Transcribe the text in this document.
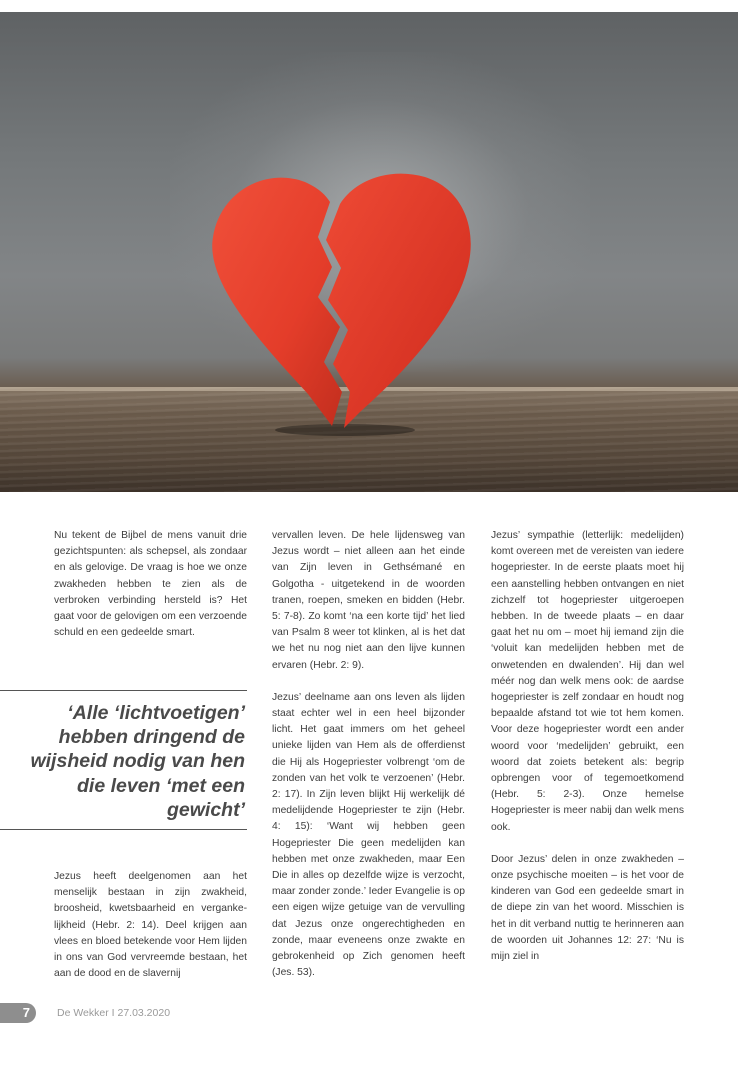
Nu tekent de Bijbel de mens vanuit drie gezichtspunten: als schepsel, als zondaar en als gelovige. De vraag is hoe we onze zwakheden hebben te zien als de verbroken verbinding hersteld is? Het gaat voor de gelovigen om een verzoende schuld en een gedeelde smart.

‘Alle ‘lichtvoetigen’ hebben dringend de wijsheid nodig van hen die leven ‘met een gewicht’

Jezus heeft deelgenomen aan het menselijk bestaan in zijn zwakheid, broosheid, kwetsbaarheid en vergankelijkheid (Hebr. 2: 14). Deel krijgen aan vlees en bloed betekende voor Hem lijden in ons van God vervreemde bestaan, het aan de dood en de slavernij

vervallen leven. De hele lijdensweg van Jezus wordt – niet alleen aan het einde van Zijn leven in Gethsémané en Golgotha - uitgetekend in de woorden tranen, roepen, smeken en bidden (Hebr. 5: 7-8). Zo komt ‘na een korte tijd’ het lied van Psalm 8 weer tot klinken, al is het dat we het nu nog niet aan den lijve kunnen ervaren (Hebr. 2: 9).

Jezus’ deelname aan ons leven als lijden staat echter wel in een heel bijzonder licht. Het gaat immers om het geheel unieke lijden van Hem als de offerdienst die Hij als Hogepriester volbrengt ‘om de zonden van het volk te verzoenen’ (Hebr. 2: 17). In Zijn leven blijkt Hij werkelijk dé medelijdende Hogepriester te zijn (Hebr. 4: 15): ‘Want wij hebben geen Hogepriester Die geen medelijden kan hebben met onze zwakheden, maar Een Die in alles op dezelfde wijze is verzocht, maar zonder zonde.’ Ieder Evangelie is op een eigen wijze getuige van de vervulling dat Jezus onze ongerechtigheden en zonde, maar eveneens onze zwakte en gebrokenheid op Zich genomen heeft (Jes. 53).

Jezus’ sympathie (letterlijk: medelijden) komt overeen met de vereisten van iedere hogepriester. In de eerste plaats moet hij een aanstelling hebben ontvangen en niet zichzelf tot hogepriester uitgeroepen hebben. In de tweede plaats – en daar gaat het nu om – moet hij iemand zijn die ‘voluit kan medelijden hebben met de onwetenden en dwalenden’. Hij dan wel méér nog dan welk mens ook: de aardse hogepriester is zelf zondaar en houdt nog bepaalde afstand tot wie tot hem komen. Voor deze hogepriester wordt een ander woord voor ‘medelijden’ gebruikt, een woord dat zoiets betekent als: begrip opbrengen voor of tegemoetkomend (Hebr. 5: 2-3). Onze hemelse Hogepriester is meer nabij dan welk mens ook.

Door Jezus’ delen in onze zwakheden – onze psychische moeiten – is het voor de kinderen van God een gedeelde smart in de diepe zin van het woord. Misschien is het in dit verband nuttig te herinneren aan de woorden uit Johannes 12: 27: ‘Nu is mijn ziel in

7	De Wekker I 27.03.2020
